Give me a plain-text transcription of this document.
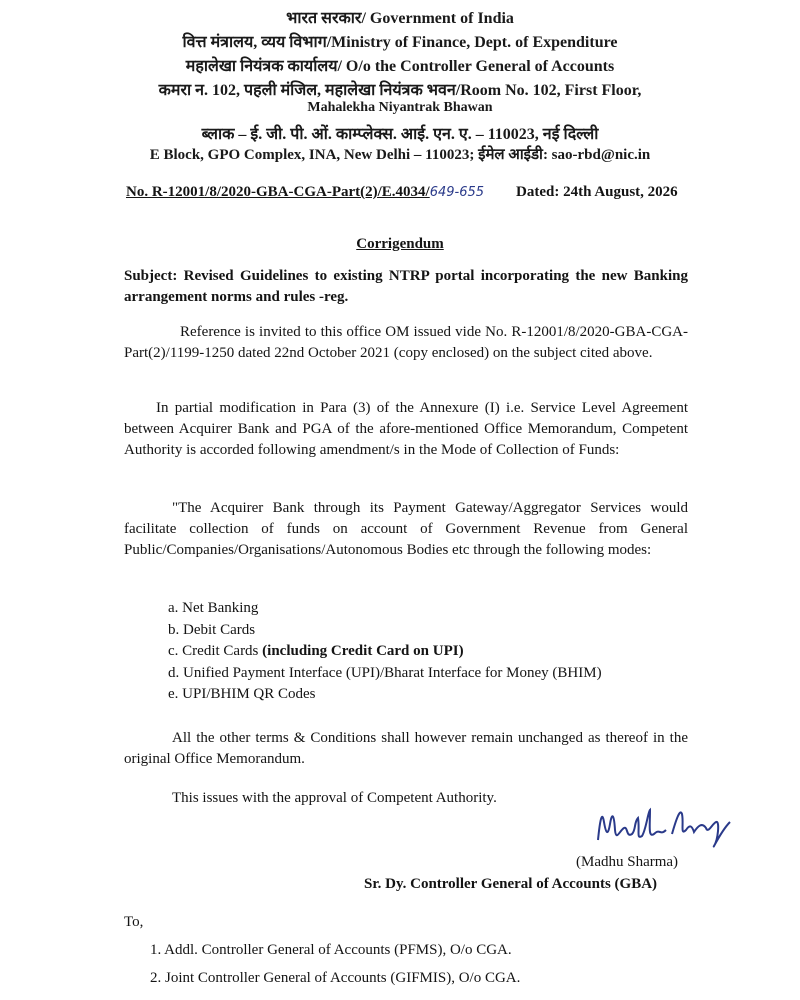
भारत सरकार/ Government of India
वित्त मंत्रालय, व्यय विभाग/Ministry of Finance, Dept. of Expenditure
महालेखा नियंत्रक कार्यालय/ O/o the Controller General of Accounts
कमरा न. 102, पहली मंजिल, महालेखा नियंत्रक भवन/Room No. 102, First Floor,
Mahalekha Niyantrak Bhawan
ब्लाक – ई. जी. पी. ओं. काम्प्लेक्स. आई. एन. ए. – 110023, नई दिल्ली
E Block, GPO Complex, INA, New Delhi – 110023; ईमेल आईडी: sao-rbd@nic.in
No. R-12001/8/2020-GBA-CGA-Part(2)/E.4034/649-655 Dated: 24th August, 2026
Corrigendum
Subject: Revised Guidelines to existing NTRP portal incorporating the new Banking arrangement norms and rules -reg.
Reference is invited to this office OM issued vide No. R-12001/8/2020-GBA-CGA-Part(2)/1199-1250 dated 22nd October 2021 (copy enclosed) on the subject cited above.
In partial modification in Para (3) of the Annexure (I) i.e. Service Level Agreement between Acquirer Bank and PGA of the afore-mentioned Office Memorandum, Competent Authority is accorded following amendment/s in the Mode of Collection of Funds:
"The Acquirer Bank through its Payment Gateway/Aggregator Services would facilitate collection of funds on account of Government Revenue from General Public/Companies/Organisations/Autonomous Bodies etc through the following modes:
a. Net Banking
b. Debit Cards
c. Credit Cards (including Credit Card on UPI)
d. Unified Payment Interface (UPI)/Bharat Interface for Money (BHIM)
e. UPI/BHIM QR Codes
All the other terms & Conditions shall however remain unchanged as thereof in the original Office Memorandum.
This issues with the approval of Competent Authority.
(Madhu Sharma)
Sr. Dy. Controller General of Accounts (GBA)
To,
1. Addl. Controller General of Accounts (PFMS), O/o CGA.
2. Joint Controller General of Accounts (GIFMIS), O/o CGA.
